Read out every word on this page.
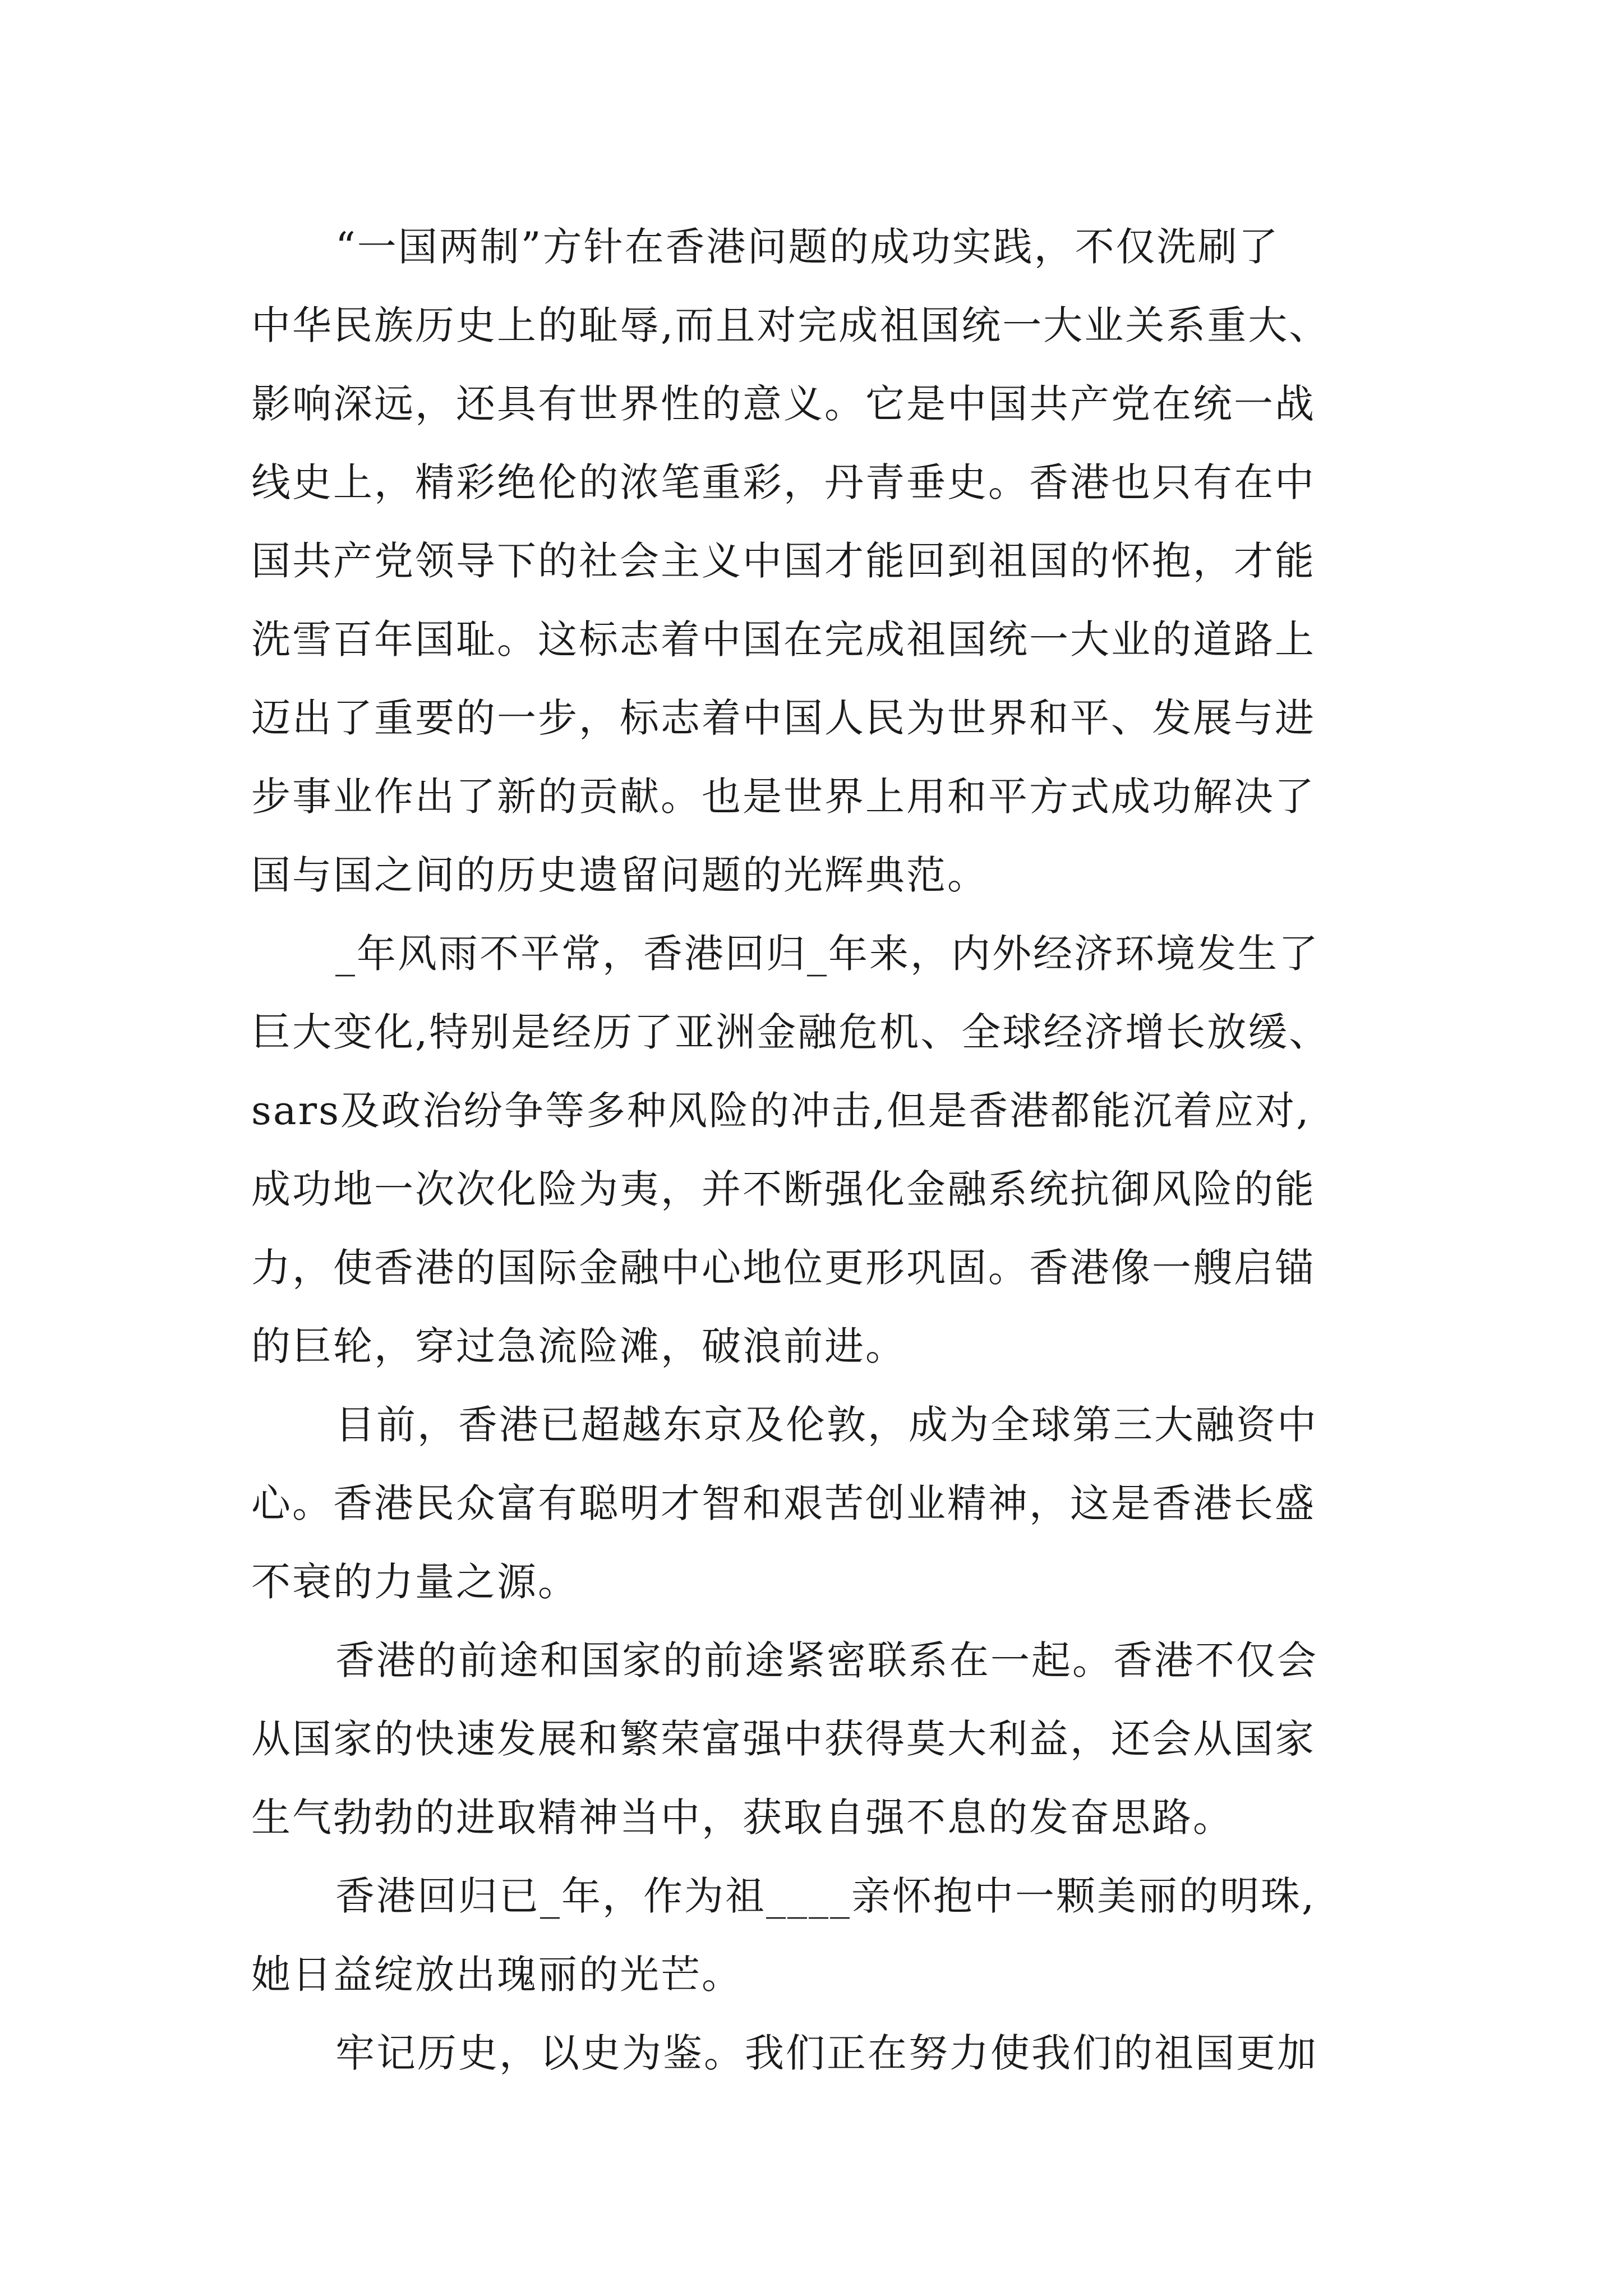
“一国两制”方针在香港问题的成功实践，不仅洗刷了
中华民族历史上的耻辱,而且对完成祖国统一大业关系重大、
影响深远，还具有世界性的意义。它是中国共产党在统一战
线史上，精彩绝伦的浓笔重彩，丹青垂史。香港也只有在中
国共产党领导下的社会主义中国才能回到祖国的怀抱，才能
洗雪百年国耻。这标志着中国在完成祖国统一大业的道路上
迈出了重要的一步，标志着中国人民为世界和平、发展与进
步事业作出了新的贡献。也是世界上用和平方式成功解决了
国与国之间的历史遗留问题的光辉典范。
_年风雨不平常，香港回归_年来，内外经济环境发生了
巨大变化,特别是经历了亚洲金融危机、全球经济增长放缓、
sars及政治纷争等多种风险的冲击,但是香港都能沉着应对,
成功地一次次化险为夷，并不断强化金融系统抗御风险的能
力，使香港的国际金融中心地位更形巩固。香港像一艘启锚
的巨轮，穿过急流险滩，破浪前进。
目前，香港已超越东京及伦敦，成为全球第三大融资中
心。香港民众富有聪明才智和艰苦创业精神，这是香港长盛
不衰的力量之源。
香港的前途和国家的前途紧密联系在一起。香港不仅会
从国家的快速发展和繁荣富强中获得莫大利益，还会从国家
生气勃勃的进取精神当中，获取自强不息的发奋思路。
香港回归已_年，作为祖____亲怀抱中一颗美丽的明珠,
她日益绽放出瑰丽的光芒。
牢记历史，以史为鉴。我们正在努力使我们的祖国更加
